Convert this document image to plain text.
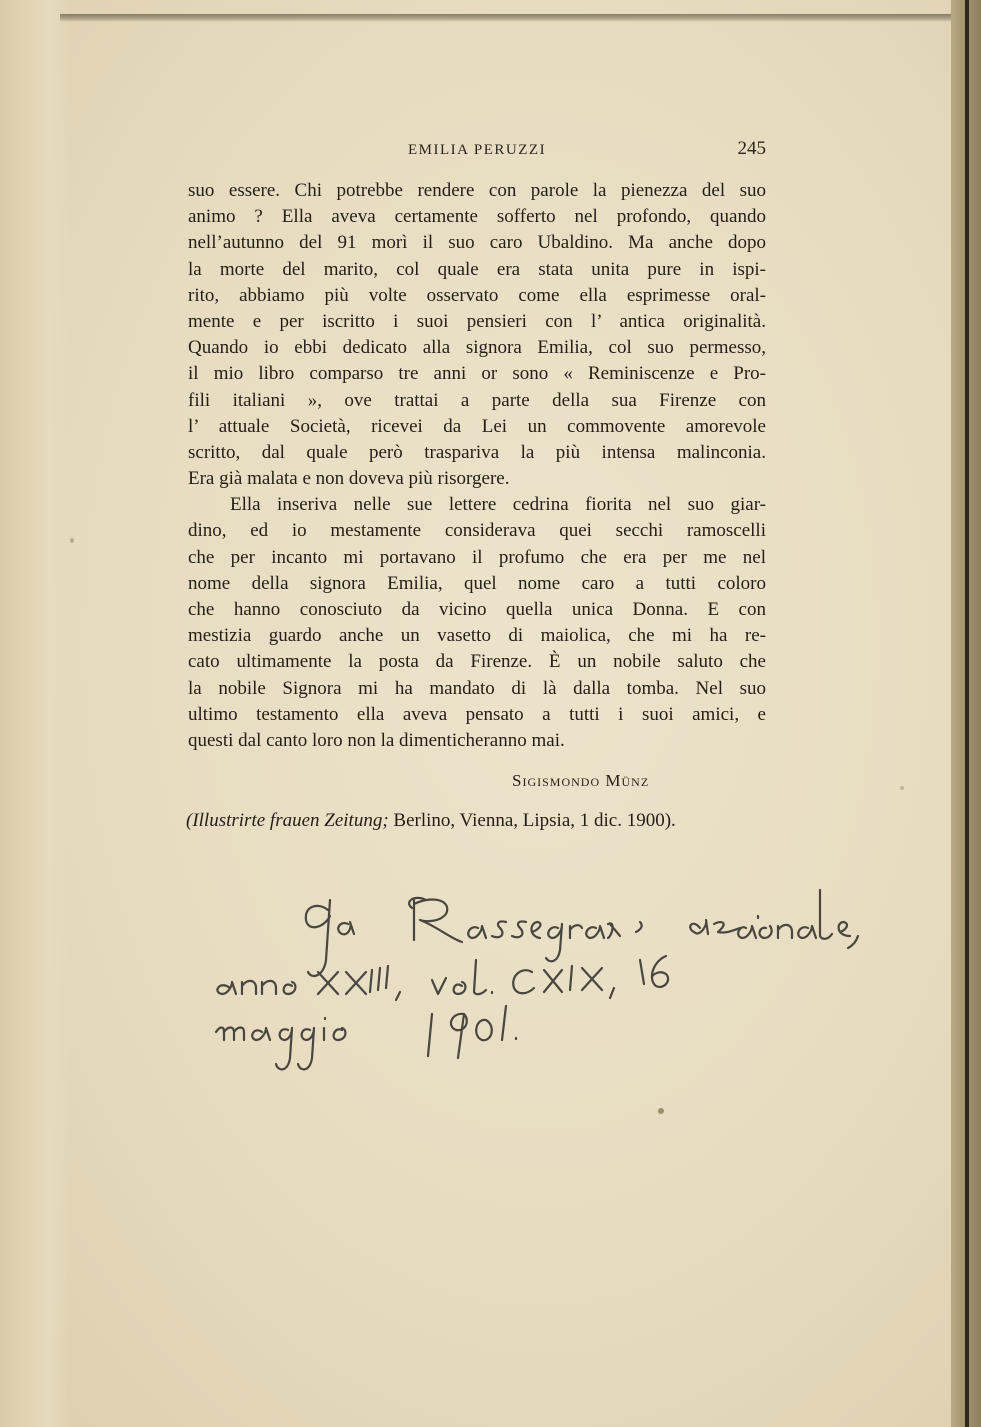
EMILIA PERUZZI	245
suo essere. Chi potrebbe rendere con parole la pienezza del suo
animo ? Ella aveva certamente sofferto nel profondo, quando
nell’autunno del 91 morì il suo caro Ubaldino. Ma anche dopo
la morte del marito, col quale era stata unita pure in ispi-
rito, abbiamo più volte osservato come ella esprimesse oral-
mente e per iscritto i suoi pensieri con l’ antica originalità.
Quando io ebbi dedicato alla signora Emilia, col suo permesso,
il mio libro comparso tre anni or sono « Reminiscenze e Pro-
fili italiani », ove trattai a parte della sua Firenze con
l’ attuale Società, ricevei da Lei un commovente amorevole
scritto, dal quale però traspariva la più intensa malinconia.
Era già malata e non doveva più risorgere.
Ella inseriva nelle sue lettere cedrina fiorita nel suo giar-
dino, ed io mestamente considerava quei secchi ramoscelli
che per incanto mi portavano il profumo che era per me nel
nome della signora Emilia, quel nome caro a tutti coloro
che hanno conosciuto da vicino quella unica Donna. E con
mestizia guardo anche un vasetto di maiolica, che mi ha re-
cato ultimamente la posta da Firenze. È un nobile saluto che
la nobile Signora mi ha mandato di là dalla tomba. Nel suo
ultimo testamento ella aveva pensato a tutti i suoi amici, e
questi dal canto loro non la dimenticheranno mai.
Sigismondo Münz
(Illustrirte frauen Zeitung; Berlino, Vienna, Lipsia, 1 dic. 1900).
